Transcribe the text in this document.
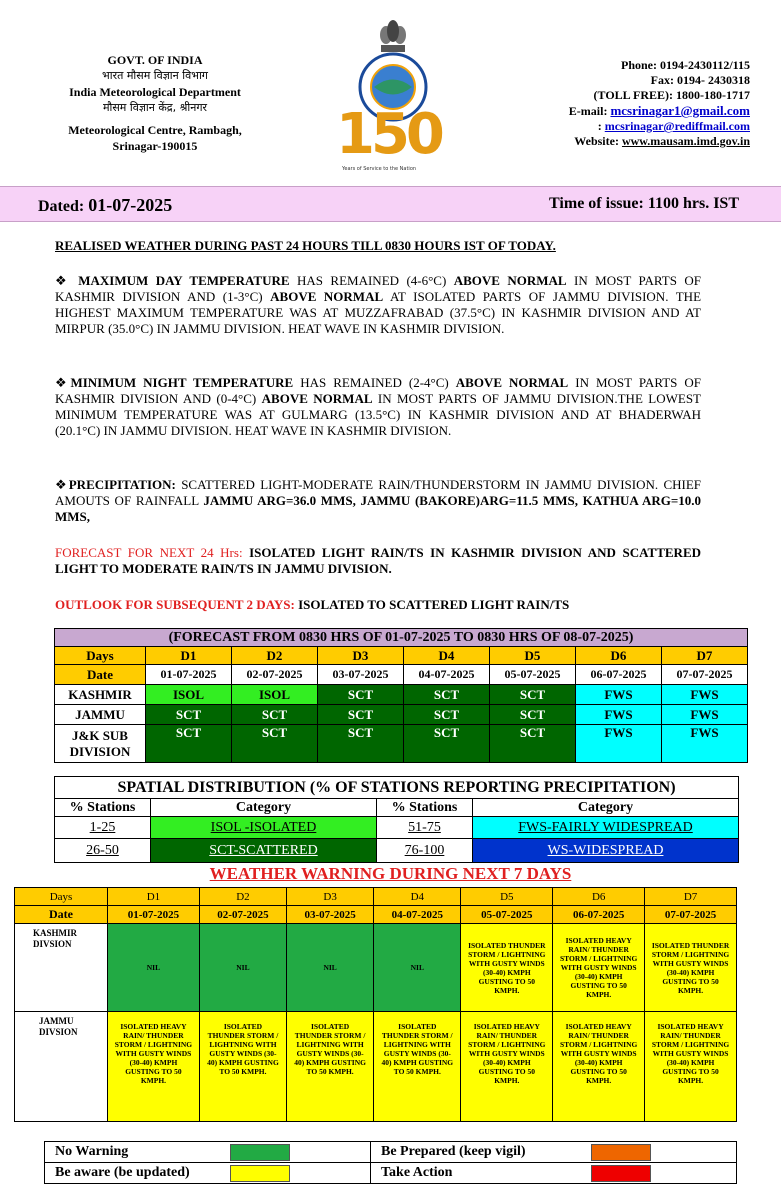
GOVT. OF INDIA
भारत मौसम विज्ञान विभाग
India Meteorological Department
मौसम विज्ञान केंद्र, श्रीनगर
Meteorological Centre, Rambagh,
Srinagar-190015	150
Years of Service to the Nation
Phone: 0194-2430112/115
Fax: 0194- 2430318
(TOLL FREE): 1800-180-1717
E-mail: mcsrinagar1@gmail.com
: mcsrinagar@rediffmail.com
Website: www.mausam.imd.gov.in
Dated: 01-07-2025	Time of issue: 1100 hrs. IST
REALISED WEATHER DURING PAST 24 HOURS TILL 0830 HOURS IST OF TODAY.
❖ MAXIMUM DAY TEMPERATURE HAS REMAINED (4-6°C) ABOVE NORMAL IN MOST PARTS OF KASHMIR DIVISION AND (1-3°C) ABOVE NORMAL AT ISOLATED PARTS OF JAMMU DIVISION. THE HIGHEST MAXIMUM TEMPERATURE WAS AT MUZZAFRABAD (37.5°C) IN KASHMIR DIVISION AND AT MIRPUR (35.0°C) IN JAMMU DIVISION. HEAT WAVE IN KASHMIR DIVISION.
❖MINIMUM NIGHT TEMPERATURE HAS REMAINED (2-4°C) ABOVE NORMAL IN MOST PARTS OF KASHMIR DIVISION AND (0-4°C) ABOVE NORMAL IN MOST PARTS OF JAMMU DIVISION.THE LOWEST MINIMUM TEMPERATURE WAS AT GULMARG (13.5°C) IN KASHMIR DIVISION AND AT BHADERWAH (20.1°C) IN JAMMU DIVISION. HEAT WAVE IN KASHMIR DIVISION.
❖PRECIPITATION: SCATTERED LIGHT-MODERATE RAIN/THUNDERSTORM IN JAMMU DIVISION. CHIEF AMOUTS OF RAINFALL JAMMU ARG=36.0 MMS, JAMMU (BAKORE)ARG=11.5 MMS, KATHUA ARG=10.0 MMS,
FORECAST FOR NEXT 24 Hrs: ISOLATED LIGHT RAIN/TS IN KASHMIR DIVISION AND SCATTERED LIGHT TO MODERATE RAIN/TS IN JAMMU DIVISION.
OUTLOOK FOR SUBSEQUENT 2 DAYS: ISOLATED TO SCATTERED LIGHT RAIN/TS
(FORECAST FROM 0830 HRS OF 01-07-2025 TO 0830 HRS OF 08-07-2025)							
Days	D1	D2	D3	D4	D5	D6	D7
Date	01-07-2025	02-07-2025	03-07-2025	04-07-2025	05-07-2025	06-07-2025	07-07-2025
KASHMIR	ISOL	ISOL	SCT	SCT	SCT	FWS	FWS
JAMMU	SCT	SCT	SCT	SCT	SCT	FWS	FWS
J&K SUB DIVISION	SCT	SCT	SCT	SCT	SCT	FWS	FWS
SPATIAL DISTRIBUTION (% OF STATIONS REPORTING PRECIPITATION)			
% Stations	Category	% Stations	Category
1-25	ISOL -ISOLATED	51-75	FWS-FAIRLY WIDESPREAD
26-50	SCT-SCATTERED	76-100	WS-WIDESPREAD
WEATHER WARNING DURING NEXT 7 DAYS
Days	D1	D2	D3	D4	D5	D6	D7
Date	01-07-2025	02-07-2025	03-07-2025	04-07-2025	05-07-2025	06-07-2025	07-07-2025
KASHMIR DIVSION	NIL	NIL	NIL	NIL	ISOLATED THUNDER STORM / LIGHTNING WITH GUSTY WINDS (30-40) KMPH GUSTING TO 50 KMPH.	ISOLATED HEAVY RAIN/ THUNDER STORM / LIGHTNING WITH GUSTY WINDS (30-40) KMPH GUSTING TO 50 KMPH.	ISOLATED THUNDER STORM / LIGHTNING WITH GUSTY WINDS (30-40) KMPH GUSTING TO 50 KMPH.
JAMMU DIVSION	ISOLATED HEAVY RAIN/ THUNDER STORM / LIGHTNING WITH GUSTY WINDS (30-40) KMPH GUSTING TO 50 KMPH.	ISOLATED THUNDER STORM / LIGHTNING WITH GUSTY WINDS (30-40) KMPH GUSTING TO 50 KMPH.	ISOLATED THUNDER STORM / LIGHTNING WITH GUSTY WINDS (30-40) KMPH GUSTING TO 50 KMPH.	ISOLATED THUNDER STORM / LIGHTNING WITH GUSTY WINDS (30-40) KMPH GUSTING TO 50 KMPH.	ISOLATED HEAVY RAIN/ THUNDER STORM / LIGHTNING WITH GUSTY WINDS (30-40) KMPH GUSTING TO 50 KMPH.	ISOLATED HEAVY RAIN/ THUNDER STORM / LIGHTNING WITH GUSTY WINDS (30-40) KMPH GUSTING TO 50 KMPH.	ISOLATED HEAVY RAIN/ THUNDER STORM / LIGHTNING WITH GUSTY WINDS (30-40) KMPH GUSTING TO 50 KMPH.
No Warning		Be Prepared (keep vigil)	
Be aware (be updated)		Take Action	
